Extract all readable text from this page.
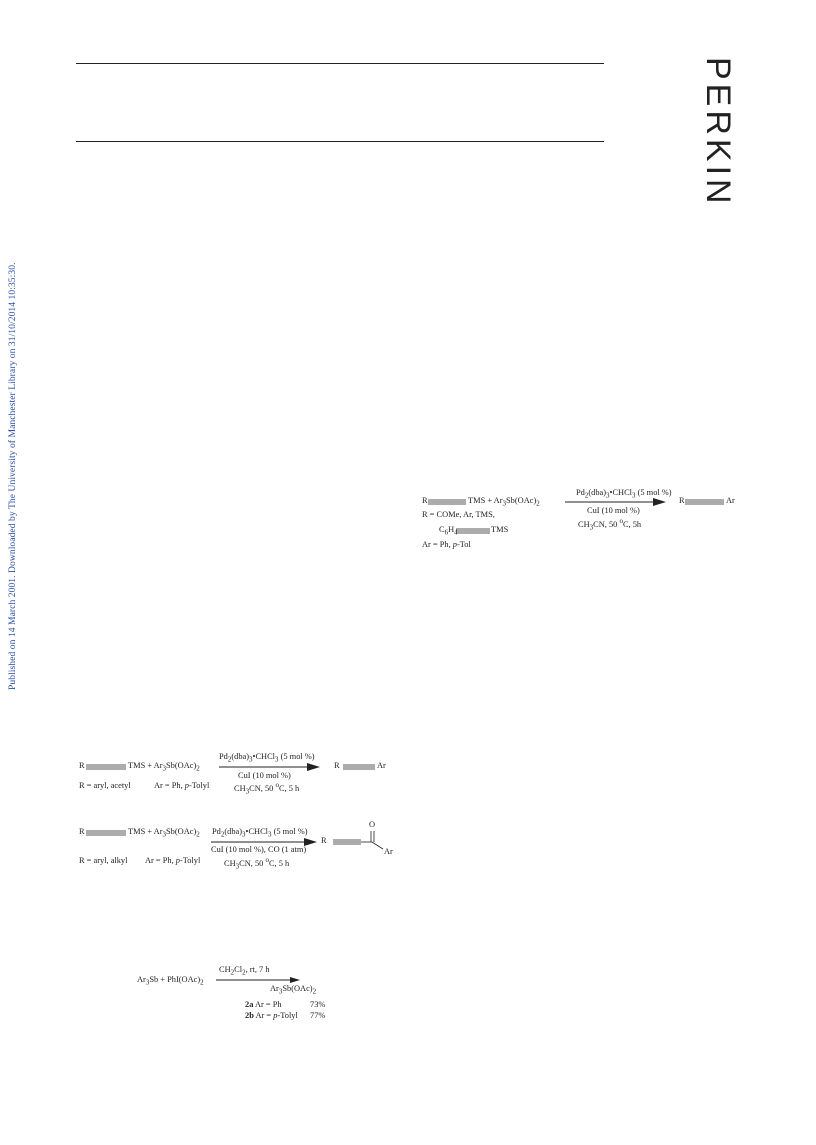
Published on 14 March 2001. Downloaded by The University of Manchester Library on 31/10/2014 10:35:30.
PERKIN
R	TMS + $Ar_3Sb(OAc)_2$
$Pd_2(dba)_3•CHCl_3$ (5 mol %)
CuI (10 mol %)
$CH_3CN$, 50 $^o$C, 5h
R = COMe, Ar, TMS,
$C_6H_4$	TMS
Ar = Ph, p-Tol
R	Ar
R	TMS + $Ar_3Sb(OAc)_2$
$Pd_2(dba)_3•CHCl_3$ (5 mol %)
CuI (10 mol %)
$CH_3CN$, 50 $^o$C, 5 h
R = aryl, acetyl	Ar = Ph, p-Tolyl
R	Ar
R	TMS + $Ar_3Sb(OAc)_2$ $Pd_2(dba)_3•CHCl_3$ (5 mol %)
CuI (10 mol %), CO (1 atm)
$CH_3CN$, 50 $^o$C, 5 h
R = aryl, alkyl Ar = Ph, p-Tolyl
R
O
Ar
$Ar_3Sb + PhI(OAc)_2$
$CH_2Cl_2$, rt, 7 h
$Ar_3Sb(OAc)_2$
2a Ar = Ph	73%
2b Ar = p-Tolyl 77%
